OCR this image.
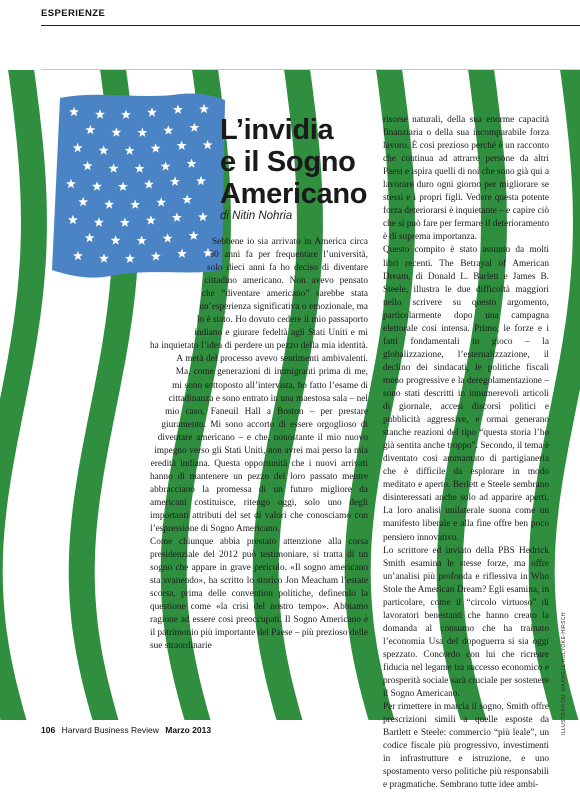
ESPERIENZE
L’invidia
e il Sogno
Americano
di Nitin Nohria

Sebbene io sia arrivato in America circa 30 anni fa per frequentare l’università, solo dieci anni fa ho deciso di diventare cittadino americano. Non avevo pensato che “diventare americano” sarebbe stata un’esperienza significativa o emozionale, ma lo è stato. Ho dovuto cedere il mio passaporto indiano e giurare fedeltà agli Stati Uniti e mi ha inquietato l’idea di perdere un pezzo della mia identità. A metà del processo avevo sentimenti ambivalenti. Ma, come generazioni di immigranti prima di me, mi sono sottoposto all’intervista, ho fatto l’esame di cittadinanza e sono entrato in una maestosa sala – nel mio caso, Faneuil Hall a Boston – per prestare giuramento. Mi sono accorto di essere orgoglioso di diventare americano – e che, nonostante il mio nuovo impegno verso gli Stati Uniti, non avrei mai perso la mia eredità indiana. Questa opportunità che i nuovi arrivati hanno di mantenere un pezzo del loro passato mentre abbracciano la promessa di un futuro migliore da americani costituisce, ritengo oggi, solo uno degli importanti attributi del set di valori che conosciamo con l’espressione di Sogno Americano.

Come chiunque abbia prestato attenzione alla corsa presidenziale del 2012 può testimoniare, si tratta di un sogno che appare in grave pericolo. «Il sogno americano sta svanendo», ha scritto lo storico Jon Meacham l’estate scorsa, prima delle convention politiche, definendo la questione come «la crisi del nostro tempo». Abbiamo ragione ad essere così preoccupati. Il Sogno Americano è il patrimonio più importante del Paese – più prezioso delle sue straordinarie

risorse naturali, della sua enorme capacità finanziaria o della sua incomparabile forza lavoro. È così prezioso perché è un racconto che continua ad attrarre persone da altri Paesi e ispira quelli di noi che sono già qui a lavorare duro ogni giorno per migliorare se stessi e i propri figli. Vedere questa potente forza deteriorarsi è inquietante – e capire ciò che si può fare per fermare il deterioramento è di suprema importanza.

Questo compito è stato assunto da molti libri recenti. The Betrayal of American Dream, di Donald L. Barlett e James B. Steele, illustra le due difficoltà maggiori nello scrivere su questo argomento, particolarmente dopo una campagna elettorale così intensa. Primo, le forze e i fatti fondamentali in gioco – la globalizzazione, l’esternalizzazione, il declino dei sindacati, le politiche fiscali meno progressive e la deregolamentazione – sono stati descritti in innumerevoli articoli di giornale, accesi discorsi politici e pubblicità aggressive, e ormai generano stanche reazioni del tipo “questa storia l’ho già sentita anche troppo”. Secondo, il tema è diventato così ammantato di partigianeria che è difficile da esplorare in modo meditato e aperto. Berlett e Steele sembrano disinteressati anche solo ad apparire aperti. La loro analisi unilaterale suona come un manifesto liberale e alla fine offre ben poco pensiero innovativo.

Lo scrittore ed inviato della PBS Hedrick Smith esamina le stesse forze, ma offre un’analisi più profonda e riflessiva in Who Stole the American Dream? Egli esamina, in particolare, come il “circolo virtuoso” di lavoratori benestanti che hanno creato la domanda al consumo che ha trainato l’economia Usa del dopoguerra si sia oggi spezzato. Concordo con lui che ricreare fiducia nel legame tra successo economico e prosperità sociale sarà cruciale per sostenere il Sogno Americano.

Per rimettere in marcia il sogno, Smith offre prescrizioni simili a quelle esposte da Bartlett e Steele: commercio “più leale”, un codice fiscale più progressivo, investimenti in infrastrutture e istruzione, e uno spostamento verso politiche più responsabili e pragmatiche. Sembrano tutte idee ambi-

ILLUSTRATION: MAXWELL HOLYOKE-HIRSCH
106 Harvard Business Review Marzo 2013
